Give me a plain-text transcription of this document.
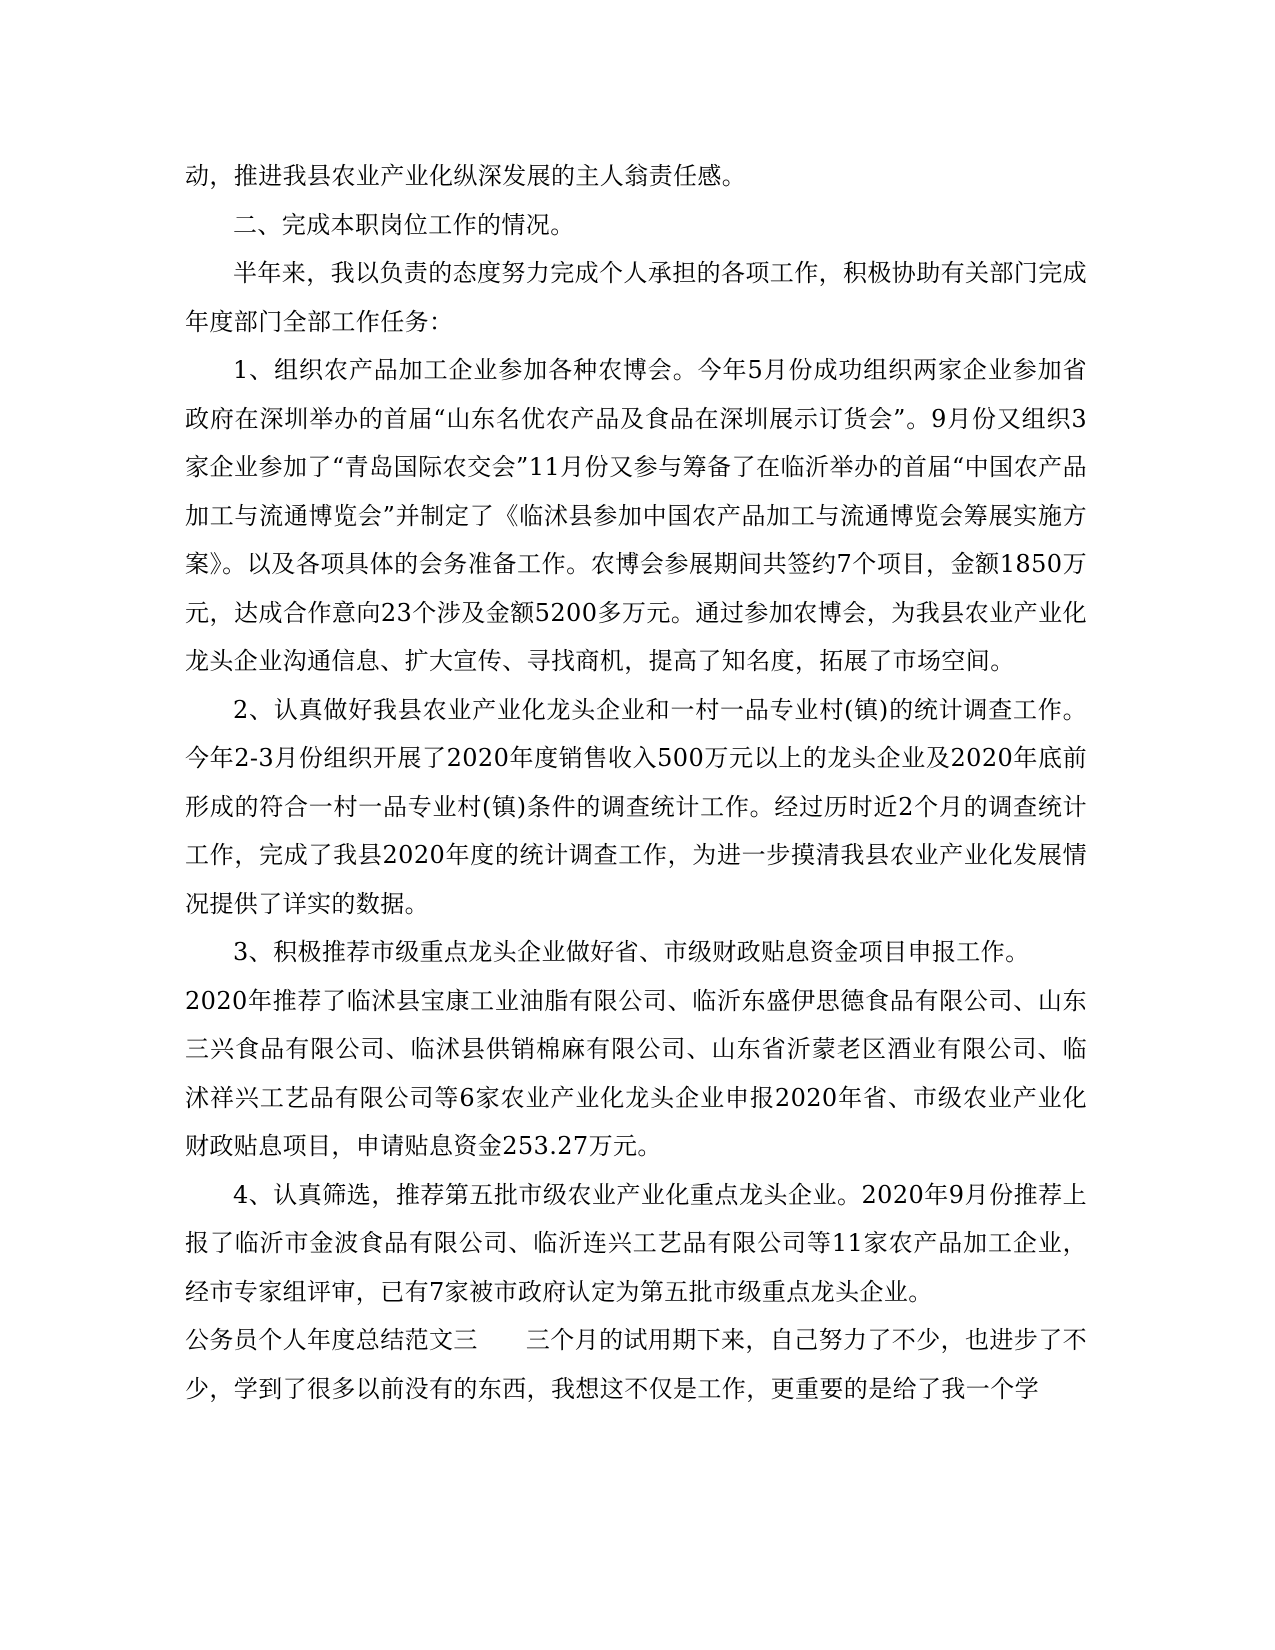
动，推进我县农业产业化纵深发展的主人翁责任感。

二、完成本职岗位工作的情况。

半年来，我以负责的态度努力完成个人承担的各项工作，积极协助有关部门完成年度部门全部工作任务：

1、组织农产品加工企业参加各种农博会。今年5月份成功组织两家企业参加省政府在深圳举办的首届“山东名优农产品及食品在深圳展示订货会”。9月份又组织3家企业参加了“青岛国际农交会”11月份又参与筹备了在临沂举办的首届“中国农产品加工与流通博览会”并制定了《临沭县参加中国农产品加工与流通博览会筹展实施方案》。以及各项具体的会务准备工作。农博会参展期间共签约7个项目，金额1850万元，达成合作意向23个涉及金额5200多万元。通过参加农博会，为我县农业产业化龙头企业沟通信息、扩大宣传、寻找商机，提高了知名度，拓展了市场空间。

2、认真做好我县农业产业化龙头企业和一村一品专业村(镇)的统计调查工作。今年2-3月份组织开展了2020年度销售收入500万元以上的龙头企业及2020年底前形成的符合一村一品专业村(镇)条件的调查统计工作。经过历时近2个月的调查统计工作，完成了我县2020年度的统计调查工作，为进一步摸清我县农业产业化发展情况提供了详实的数据。

3、积极推荐市级重点龙头企业做好省、市级财政贴息资金项目申报工作。

2020年推荐了临沭县宝康工业油脂有限公司、临沂东盛伊思德食品有限公司、山东三兴食品有限公司、临沭县供销棉麻有限公司、山东省沂蒙老区酒业有限公司、临沭祥兴工艺品有限公司等6家农业产业化龙头企业申报2020年省、市级农业产业化财政贴息项目，申请贴息资金253.27万元。

4、认真筛选，推荐第五批市级农业产业化重点龙头企业。2020年9月份推荐上报了临沂市金波食品有限公司、临沂连兴工艺品有限公司等11家农产品加工企业，经市专家组评审，已有7家被市政府认定为第五批市级重点龙头企业。

公务员个人年度总结范文三 三个月的试用期下来，自己努力了不少，也进步了不少，学到了很多以前没有的东西，我想这不仅是工作，更重要的是给了我一个学
